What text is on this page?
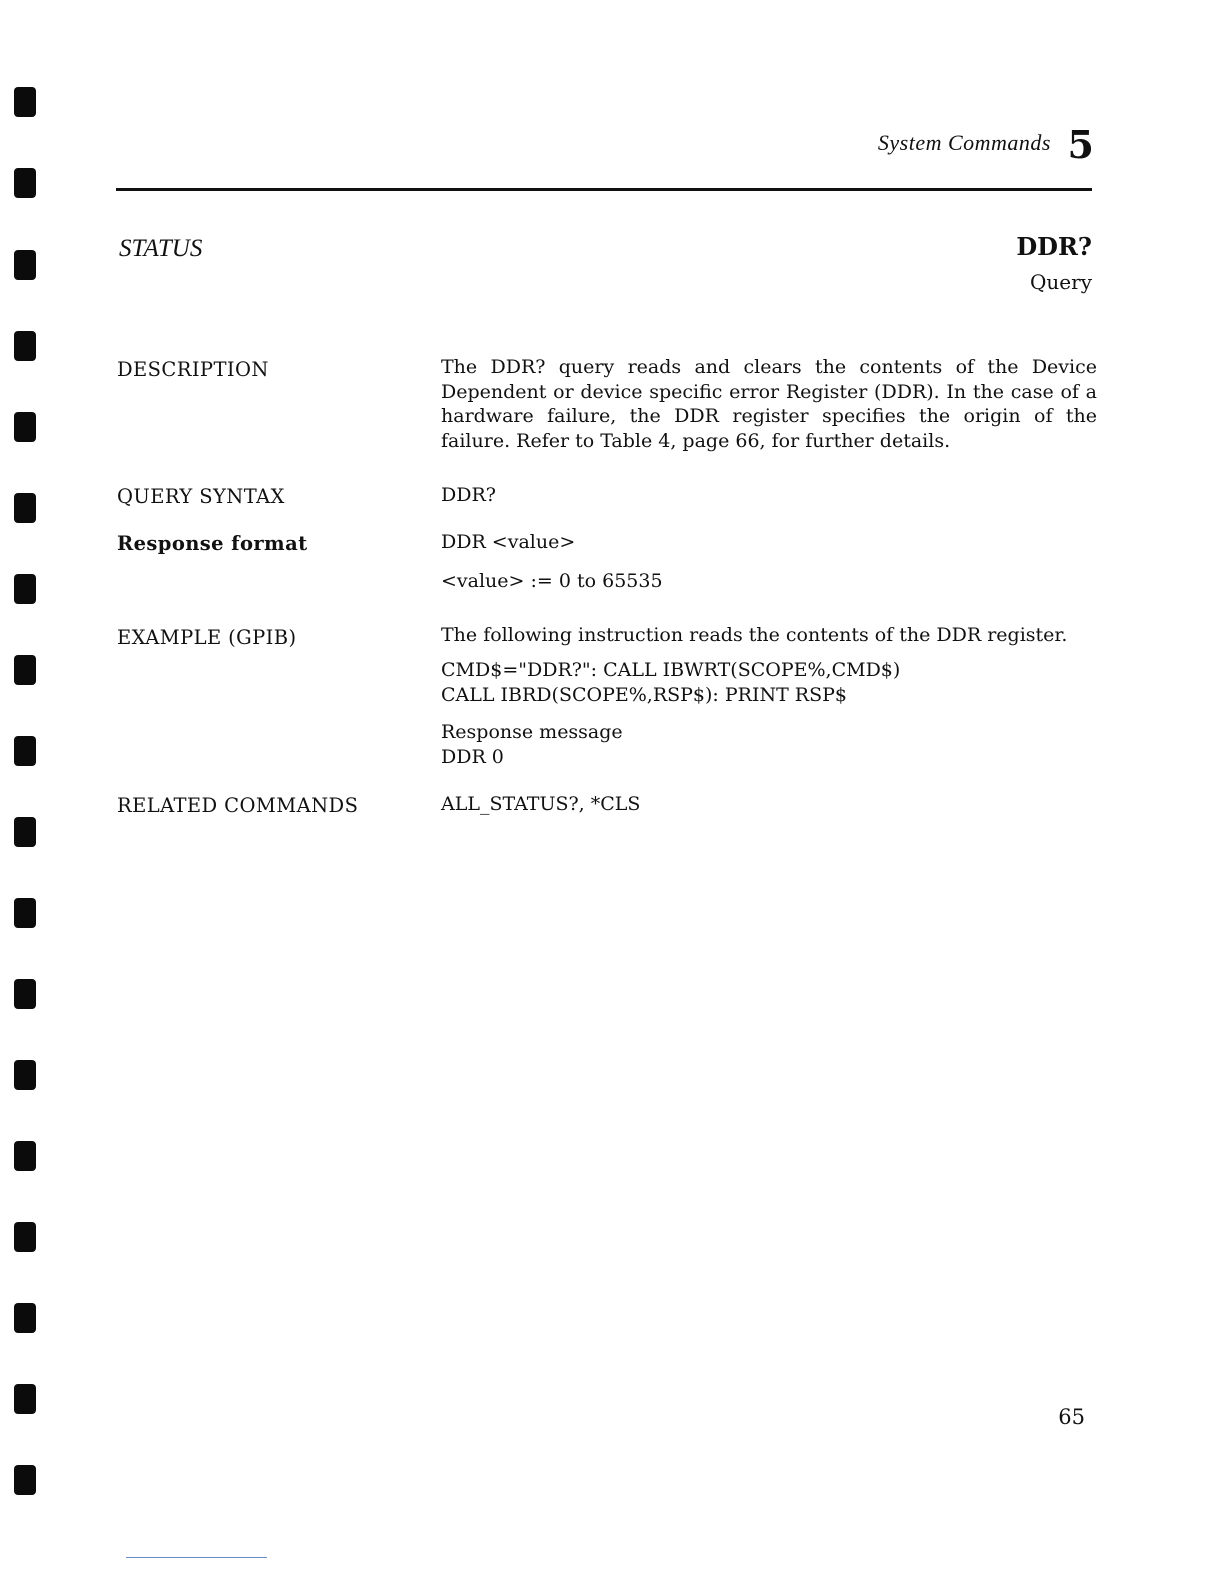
System Commands 5
STATUS	DDR?
Query
DESCRIPTION	The DDR? query reads and clears the contents of the Device Dependent or device specific error Register (DDR). In the case of a hardware failure, the DDR register specifies the origin of the failure. Refer to Table 4, page 66, for further details.
QUERY SYNTAX	DDR?
Response format	DDR <value>
<value> := 0 to 65535
EXAMPLE (GPIB)	The following instruction reads the contents of the DDR register.
CMD$="DDR?": CALL IBWRT(SCOPE%,CMD$)
CALL IBRD(SCOPE%,RSP$): PRINT RSP$
Response message
DDR 0
RELATED COMMANDS	ALL_STATUS?, *CLS
65
